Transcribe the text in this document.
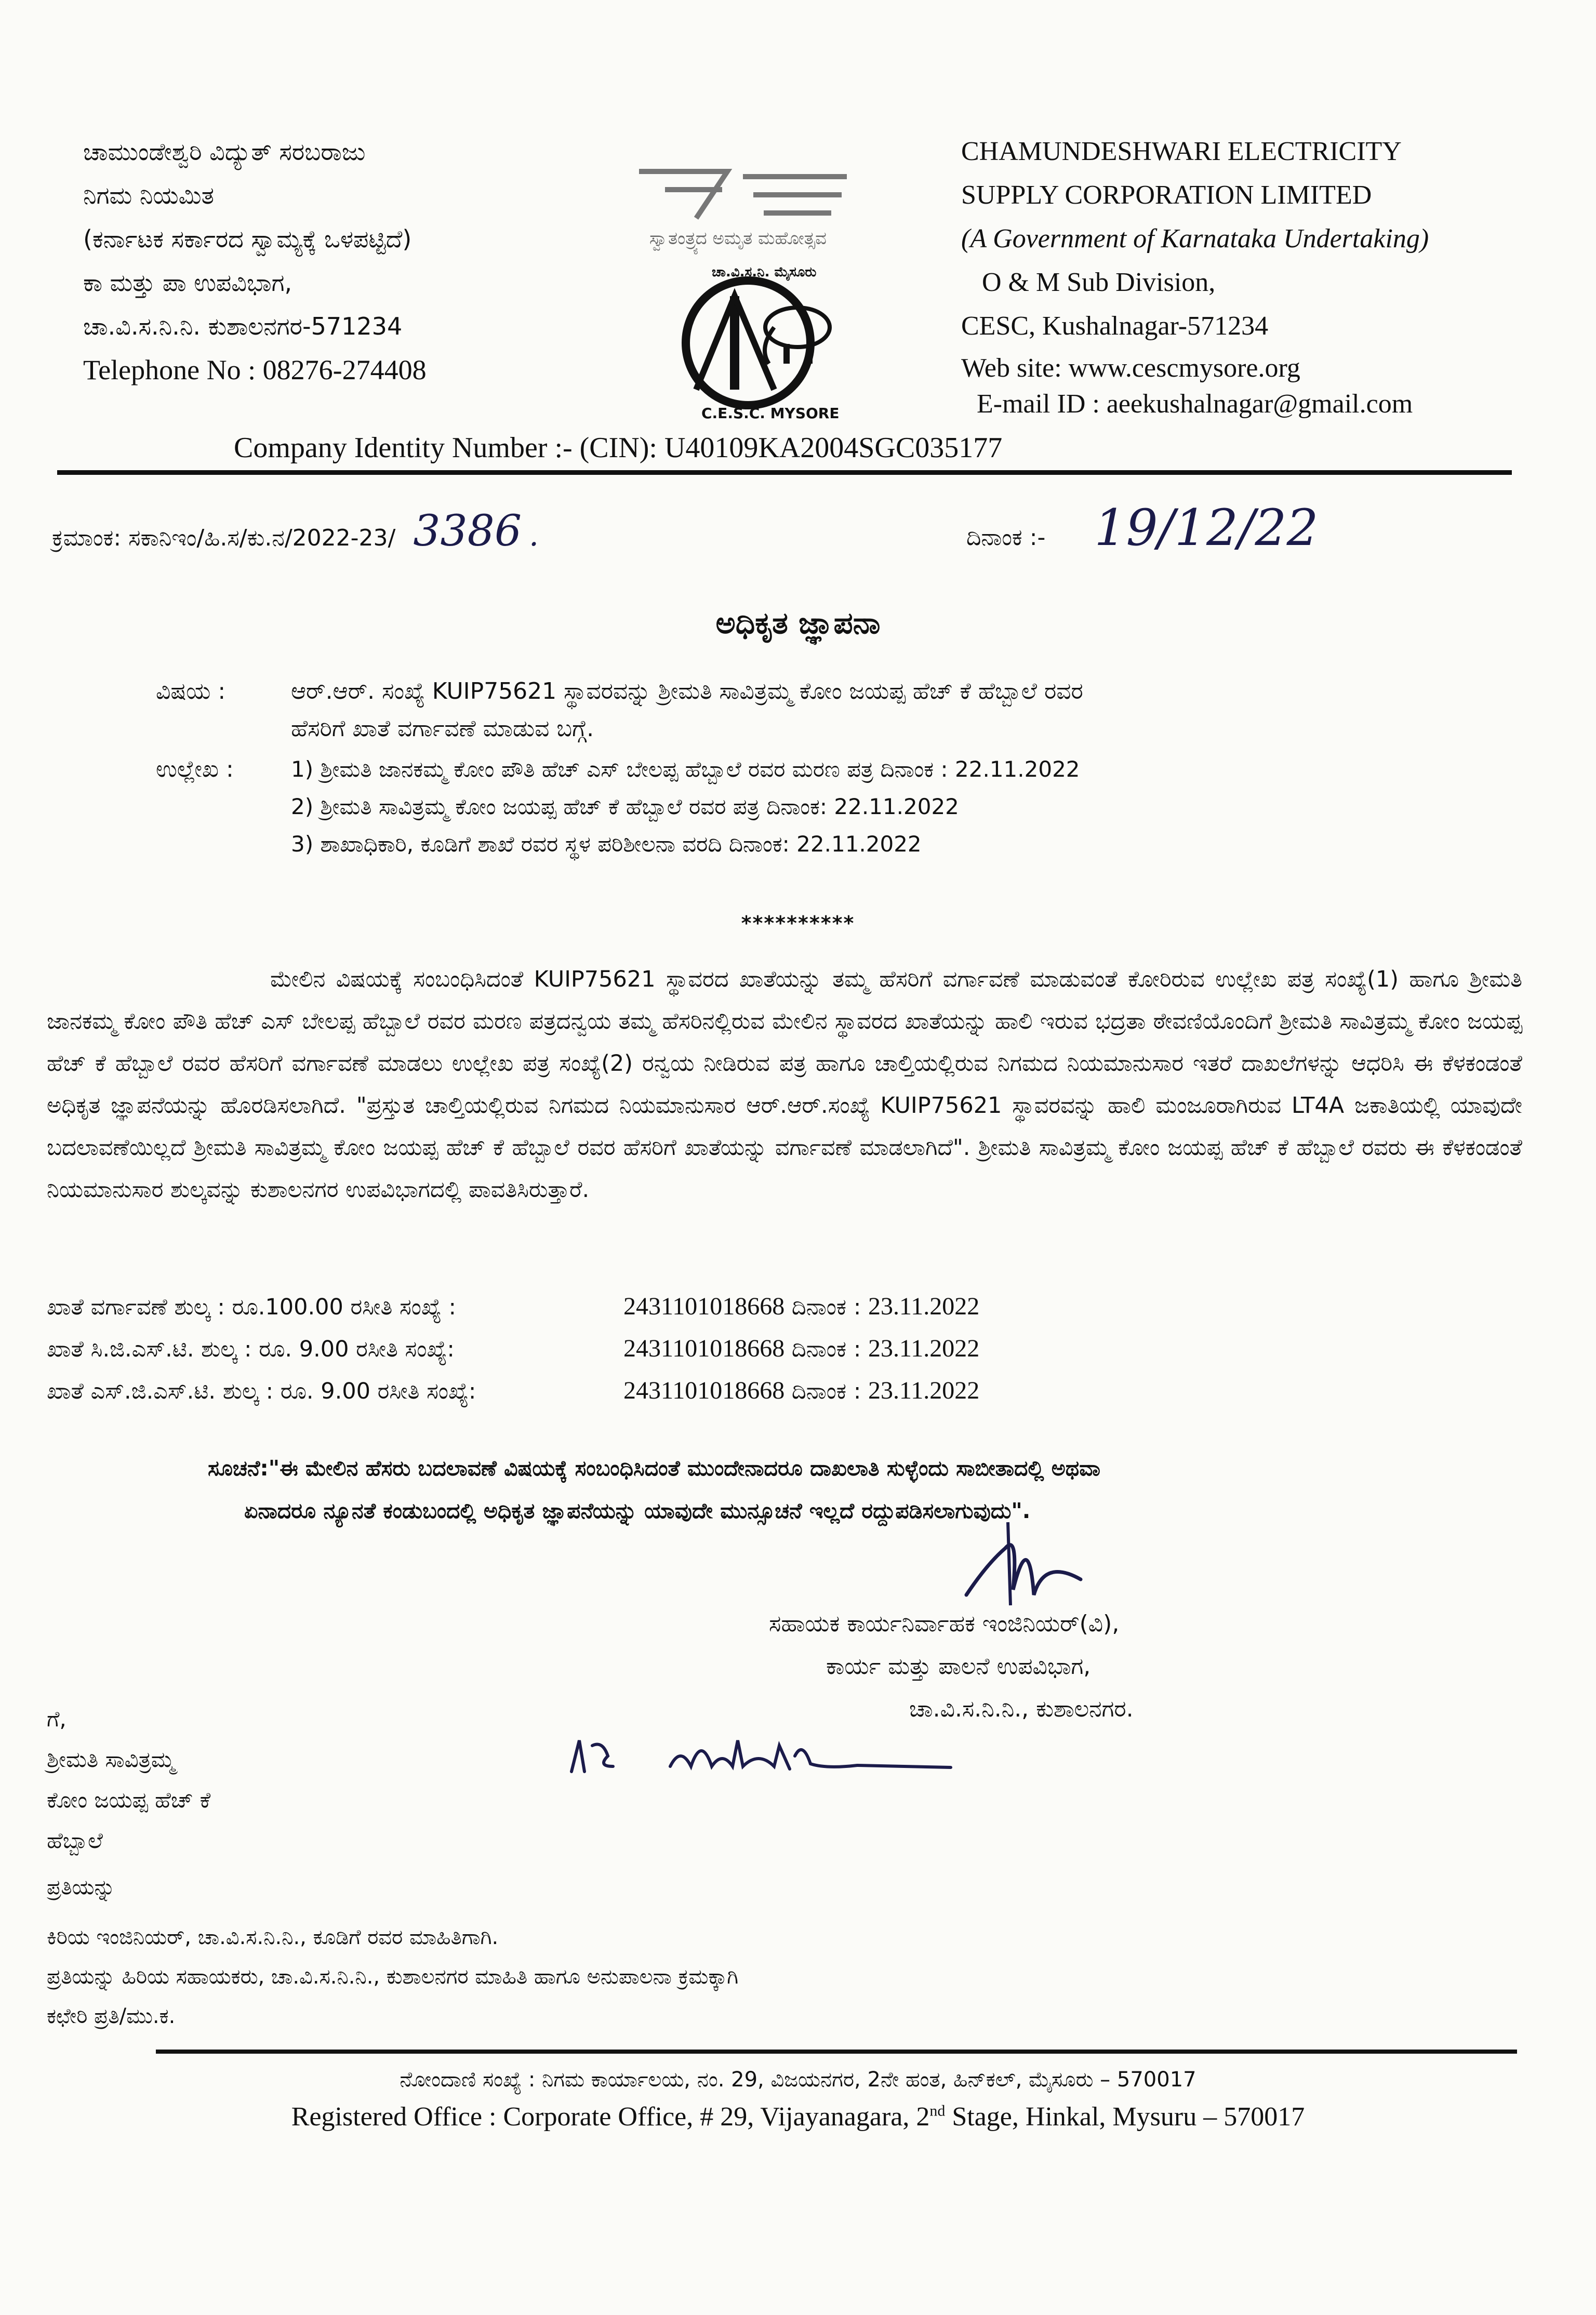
ಚಾಮುಂಡೇಶ್ವರಿ ವಿದ್ಯುತ್ ಸರಬರಾಜು
ನಿಗಮ ನಿಯಮಿತ
(ಕರ್ನಾಟಕ ಸರ್ಕಾರದ ಸ್ವಾಮ್ಯಕ್ಕೆ ಒಳಪಟ್ಟಿದೆ)
ಕಾ ಮತ್ತು ಪಾ ಉಪವಿಭಾಗ,
ಚಾ.ವಿ.ಸ.ನಿ.ನಿ. ಕುಶಾಲನಗರ-571234
Telephone No : 08276-274408
ಸ್ವಾತಂತ್ರ್ಯದ ಅಮೃತ ಮಹೋತ್ಸವ
ಚಾ.ವಿ.ಸ.ನಿ. ಮೈಸೂರು
C.E.S.C. MYSORE
CHAMUNDESHWARI ELECTRICITY
SUPPLY CORPORATION LIMITED
(A Government of Karnataka Undertaking)
O & M Sub Division,
CESC, Kushalnagar-571234
Web site: www.cescmysore.org
E-mail ID : aeekushalnagar@gmail.com
Company Identity Number :- (CIN): U40109KA2004SGC035177
ಕ್ರಮಾಂಕ: ಸಕಾನಿಇಂ/ಹಿ.ಸ/ಕು.ನ/2022-23/ 3386 .	ದಿನಾಂಕ :- 19/12/22
ಅಧಿಕೃತ ಜ್ಞಾಪನಾ
ವಿಷಯ :	ಆರ್.ಆರ್. ಸಂಖ್ಯೆ KUIP75621 ಸ್ಥಾವರವನ್ನು ಶ್ರೀಮತಿ ಸಾವಿತ್ರಮ್ಮ ಕೋಂ ಜಯಪ್ಪ ಹೆಚ್ ಕೆ ಹೆಬ್ಬಾಲೆ ರವರ
ಹೆಸರಿಗೆ ಖಾತೆ ವರ್ಗಾವಣೆ ಮಾಡುವ ಬಗ್ಗೆ.
ಉಲ್ಲೇಖ :	1) ಶ್ರೀಮತಿ ಜಾನಕಮ್ಮ ಕೋಂ ಪೌತಿ ಹೆಚ್ ಎಸ್ ಬೇಲಪ್ಪ ಹೆಬ್ಬಾಲೆ ರವರ ಮರಣ ಪತ್ರ ದಿನಾಂಕ : 22.11.2022
2) ಶ್ರೀಮತಿ ಸಾವಿತ್ರಮ್ಮ ಕೋಂ ಜಯಪ್ಪ ಹೆಚ್ ಕೆ ಹೆಬ್ಬಾಲೆ ರವರ ಪತ್ರ ದಿನಾಂಕ: 22.11.2022
3) ಶಾಖಾಧಿಕಾರಿ, ಕೂಡಿಗೆ ಶಾಖೆ ರವರ ಸ್ಥಳ ಪರಿಶೀಲನಾ ವರದಿ ದಿನಾಂಕ: 22.11.2022
**********
ಮೇಲಿನ ವಿಷಯಕ್ಕೆ ಸಂಬಂಧಿಸಿದಂತೆ KUIP75621 ಸ್ಥಾವರದ ಖಾತೆಯನ್ನು ತಮ್ಮ ಹೆಸರಿಗೆ ವರ್ಗಾವಣೆ ಮಾಡುವಂತೆ ಕೋರಿರುವ ಉಲ್ಲೇಖ ಪತ್ರ ಸಂಖ್ಯೆ(1) ಹಾಗೂ ಶ್ರೀಮತಿ ಜಾನಕಮ್ಮ ಕೋಂ ಪೌತಿ ಹೆಚ್ ಎಸ್ ಬೇಲಪ್ಪ ಹೆಬ್ಬಾಲೆ ರವರ ಮರಣ ಪತ್ರದನ್ವಯ ತಮ್ಮ ಹೆಸರಿನಲ್ಲಿರುವ ಮೇಲಿನ ಸ್ಥಾವರದ ಖಾತೆಯನ್ನು ಹಾಲಿ ಇರುವ ಭದ್ರತಾ ಠೇವಣಿಯೊಂದಿಗೆ ಶ್ರೀಮತಿ ಸಾವಿತ್ರಮ್ಮ ಕೋಂ ಜಯಪ್ಪ ಹೆಚ್ ಕೆ ಹೆಬ್ಬಾಲೆ ರವರ ಹೆಸರಿಗೆ ವರ್ಗಾವಣೆ ಮಾಡಲು ಉಲ್ಲೇಖ ಪತ್ರ ಸಂಖ್ಯೆ(2) ರನ್ವಯ ನೀಡಿರುವ ಪತ್ರ ಹಾಗೂ ಚಾಲ್ತಿಯಲ್ಲಿರುವ ನಿಗಮದ ನಿಯಮಾನುಸಾರ ಇತರೆ ದಾಖಲೆಗಳನ್ನು ಆಧರಿಸಿ ಈ ಕೆಳಕಂಡಂತೆ ಅಧಿಕೃತ ಜ್ಞಾಪನೆಯನ್ನು ಹೊರಡಿಸಲಾಗಿದೆ. "ಪ್ರಸ್ತುತ ಚಾಲ್ತಿಯಲ್ಲಿರುವ ನಿಗಮದ ನಿಯಮಾನುಸಾರ ಆರ್.ಆರ್.ಸಂಖ್ಯೆ KUIP75621 ಸ್ಥಾವರವನ್ನು ಹಾಲಿ ಮಂಜೂರಾಗಿರುವ LT4A ಜಕಾತಿಯಲ್ಲಿ ಯಾವುದೇ ಬದಲಾವಣೆಯಿಲ್ಲದೆ ಶ್ರೀಮತಿ ಸಾವಿತ್ರಮ್ಮ ಕೋಂ ಜಯಪ್ಪ ಹೆಚ್ ಕೆ ಹೆಬ್ಬಾಲೆ ರವರ ಹೆಸರಿಗೆ ಖಾತೆಯನ್ನು ವರ್ಗಾವಣೆ ಮಾಡಲಾಗಿದೆ". ಶ್ರೀಮತಿ ಸಾವಿತ್ರಮ್ಮ ಕೋಂ ಜಯಪ್ಪ ಹೆಚ್ ಕೆ ಹೆಬ್ಬಾಲೆ ರವರು ಈ ಕೆಳಕಂಡಂತೆ ನಿಯಮಾನುಸಾರ ಶುಲ್ಕವನ್ನು ಕುಶಾಲನಗರ ಉಪವಿಭಾಗದಲ್ಲಿ ಪಾವತಿಸಿರುತ್ತಾರೆ.
ಖಾತೆ ವರ್ಗಾವಣೆ ಶುಲ್ಕ : ರೂ.100.00 ರಸೀತಿ ಸಂಖ್ಯೆ :	2431101018668 ದಿನಾಂಕ : 23.11.2022
ಖಾತೆ ಸಿ.ಜಿ.ಎಸ್.ಟಿ. ಶುಲ್ಕ : ರೂ. 9.00 ರಸೀತಿ ಸಂಖ್ಯೆ:	2431101018668 ದಿನಾಂಕ : 23.11.2022
ಖಾತೆ ಎಸ್.ಜಿ.ಎಸ್.ಟಿ. ಶುಲ್ಕ : ರೂ. 9.00 ರಸೀತಿ ಸಂಖ್ಯೆ:	2431101018668 ದಿನಾಂಕ : 23.11.2022
ಸೂಚನೆ:"ಈ ಮೇಲಿನ ಹೆಸರು ಬದಲಾವಣೆ ವಿಷಯಕ್ಕೆ ಸಂಬಂಧಿಸಿದಂತೆ ಮುಂದೇನಾದರೂ ದಾಖಲಾತಿ ಸುಳ್ಳೆಂದು ಸಾಬೀತಾದಲ್ಲಿ ಅಥವಾ
ಏನಾದರೂ ನ್ಯೂನತೆ ಕಂಡುಬಂದಲ್ಲಿ ಅಧಿಕೃತ ಜ್ಞಾಪನೆಯನ್ನು ಯಾವುದೇ ಮುನ್ಸೂಚನೆ ಇಲ್ಲದೆ ರದ್ದುಪಡಿಸಲಾಗುವುದು".
ಸಹಾಯಕ ಕಾರ್ಯನಿರ್ವಾಹಕ ಇಂಜಿನಿಯರ್(ವಿ),
ಕಾರ್ಯ ಮತ್ತು ಪಾಲನೆ ಉಪವಿಭಾಗ,
ಚಾ.ವಿ.ಸ.ನಿ.ನಿ., ಕುಶಾಲನಗರ.
ಗೆ,
ಶ್ರೀಮತಿ ಸಾವಿತ್ರಮ್ಮ
ಕೋಂ ಜಯಪ್ಪ ಹೆಚ್ ಕೆ
ಹೆಬ್ಬಾಲೆ
ಪ್ರತಿಯನ್ನು
ಕಿರಿಯ ಇಂಜಿನಿಯರ್, ಚಾ.ವಿ.ಸ.ನಿ.ನಿ., ಕೂಡಿಗೆ ರವರ ಮಾಹಿತಿಗಾಗಿ.
ಪ್ರತಿಯನ್ನು ಹಿರಿಯ ಸಹಾಯಕರು, ಚಾ.ವಿ.ಸ.ನಿ.ನಿ., ಕುಶಾಲನಗರ ಮಾಹಿತಿ ಹಾಗೂ ಅನುಪಾಲನಾ ಕ್ರಮಕ್ಕಾಗಿ
ಕಛೇರಿ ಪ್ರತಿ/ಮು.ಕ.
ನೋಂದಾಣಿ ಸಂಖ್ಯೆ : ನಿಗಮ ಕಾರ್ಯಾಲಯ, ನಂ. 29, ವಿಜಯನಗರ, 2ನೇ ಹಂತ, ಹಿನ್‌ಕಲ್, ಮೈಸೂರು – 570017
Registered Office : Corporate Office, # 29, Vijayanagara, 2nd Stage, Hinkal, Mysuru – 570017
